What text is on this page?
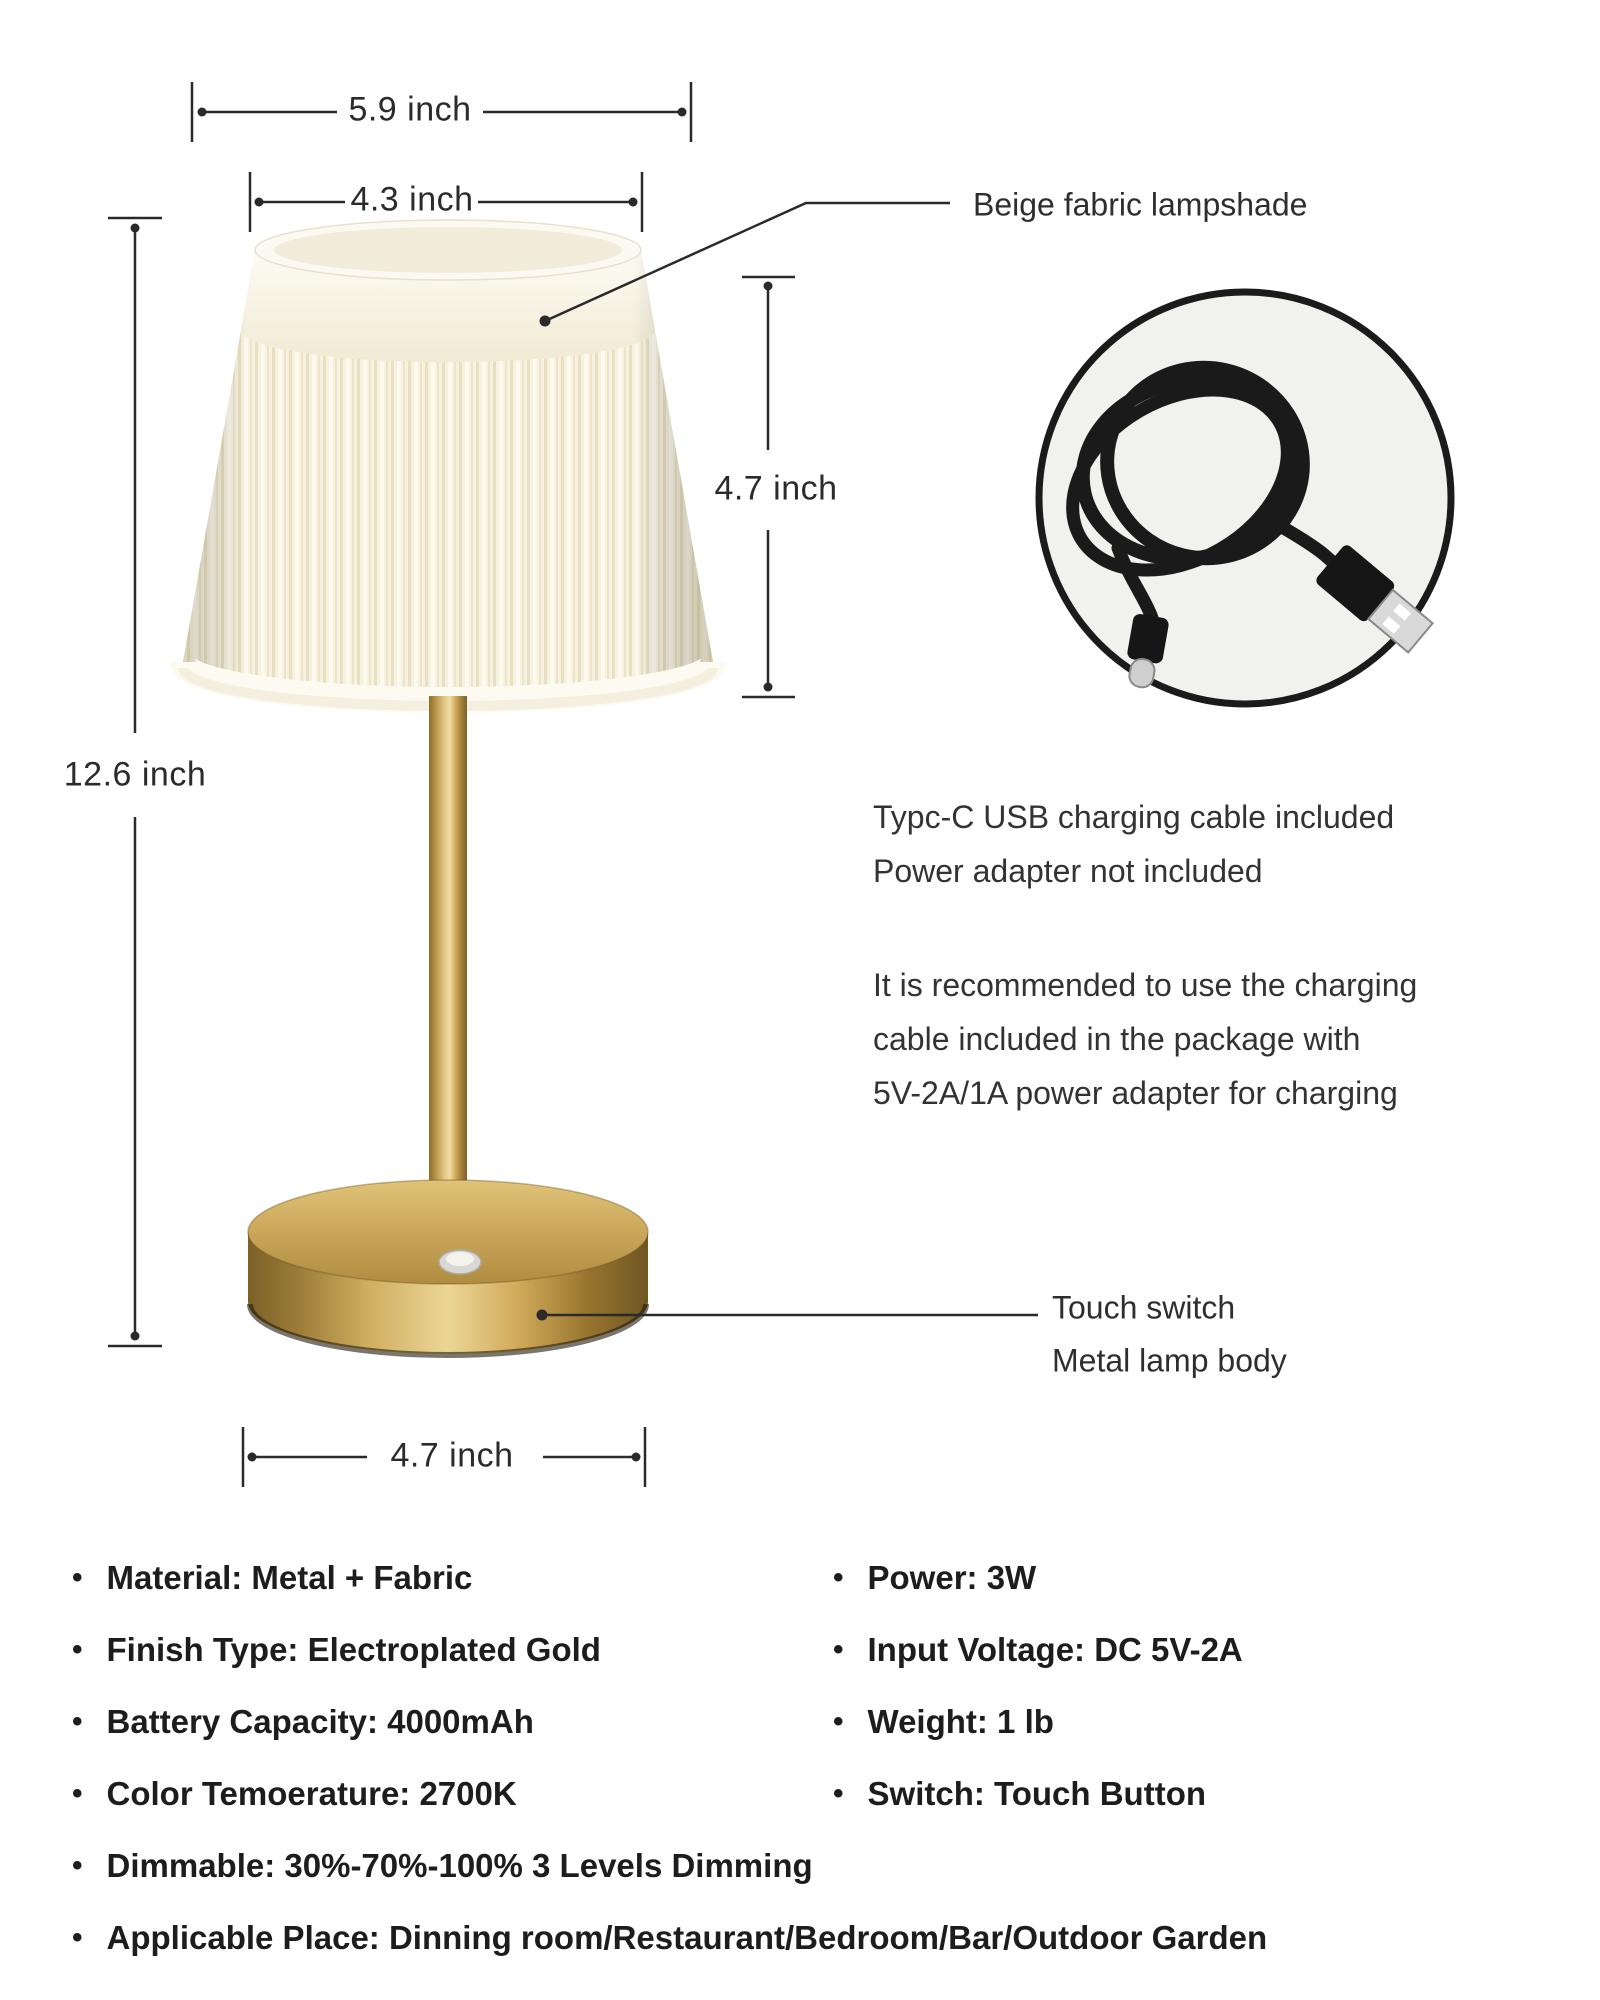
5.9 inch
4.3 inch
4.7 inch
12.6 inch
4.7 inch
Beige fabric lampshade
Touch switch
Metal lamp body
Typc-C USB charging cable included
Power adapter not included
It is recommended to use the charging
cable included in the package with
5V-2A/1A power adapter for charging
• Material: Metal + Fabric
• Finish Type: Electroplated Gold
• Battery Capacity: 4000mAh
• Color Temoerature: 2700K
• Dimmable: 30%-70%-100% 3 Levels Dimming
• Applicable Place: Dinning room/Restaurant/Bedroom/Bar/Outdoor Garden
• Power: 3W
• Input Voltage: DC 5V-2A
• Weight: 1 lb
• Switch: Touch Button
